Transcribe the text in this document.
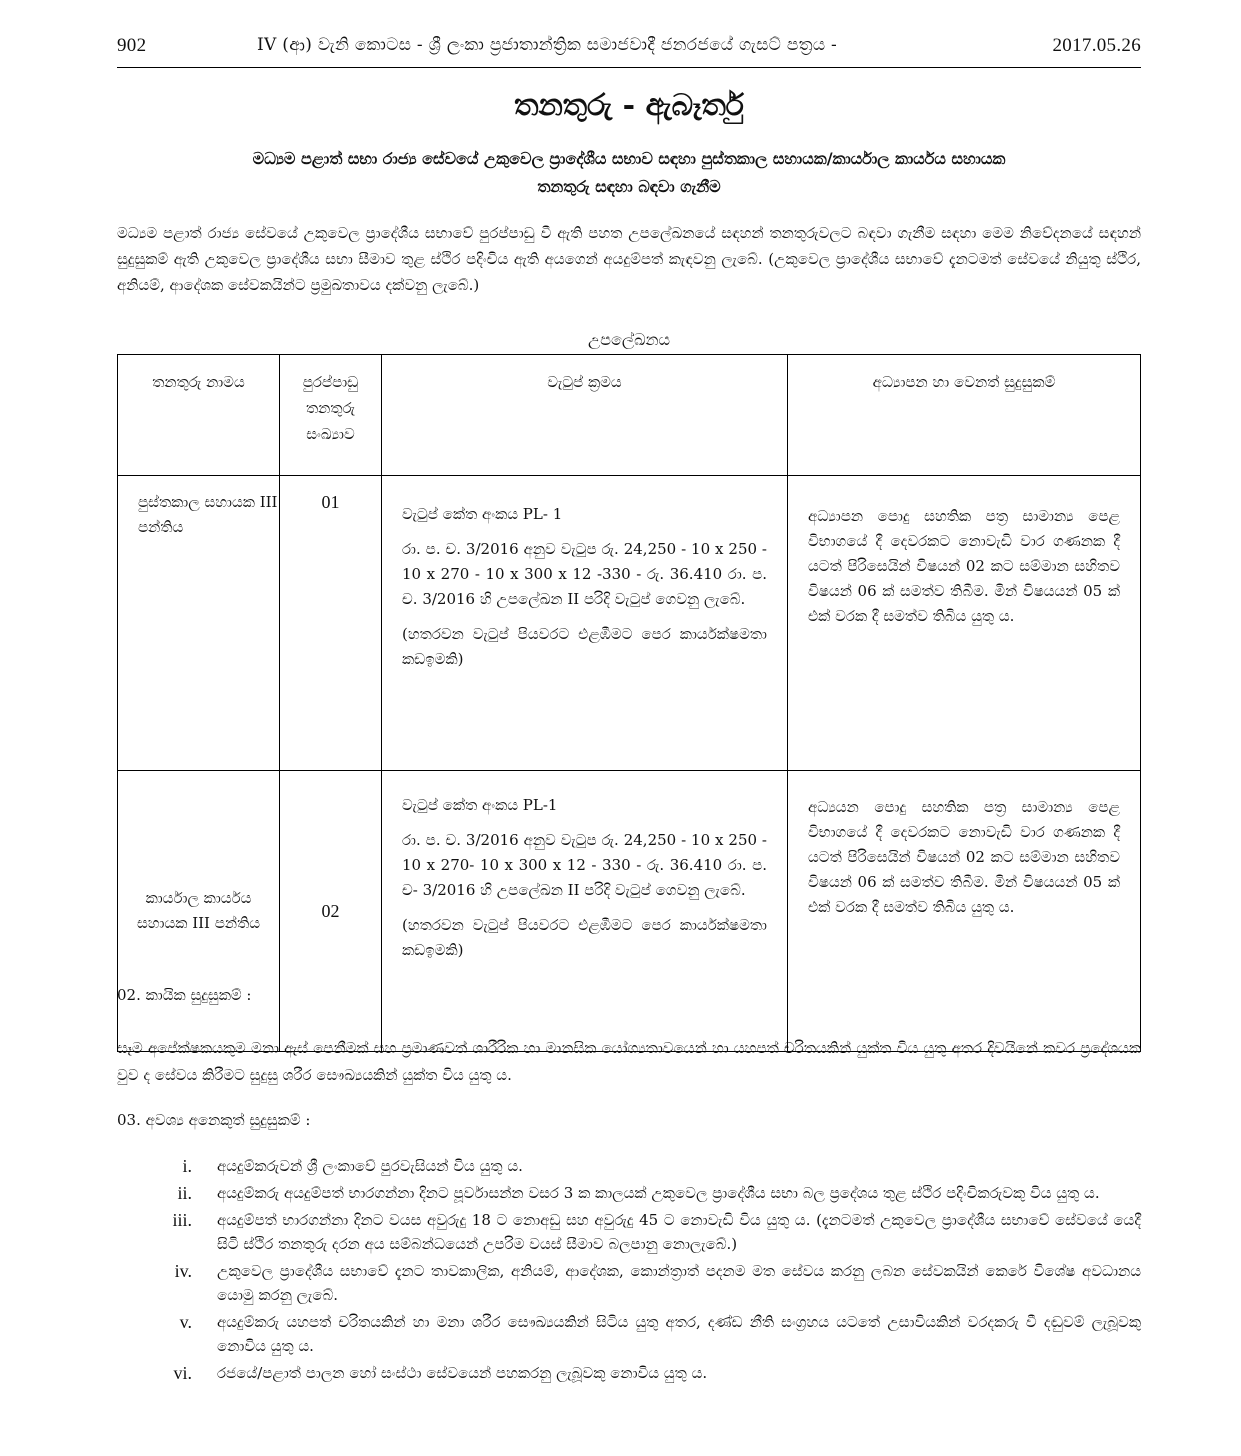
902	IV (ආ) වැනි කොටස - ශ්‍රී ලංකා ප්‍රජාතාන්ත්‍රික සමාජවාදී ජනරජයේ ගැසට් පත්‍රය -	2017.05.26
තනතුරු - ඇබෑර්තු
මධ්‍යම පළාත් සභා රාජ්‍ය සේවයේ උකුවෙල ප්‍රාදේශීය සභාව සඳහා පුස්තකාල සහායක/කාර්යාල කාර්යය සහායක
තනතුරු සඳහා බඳවා ගැනීම
මධ්‍යම පළාත් රාජ්‍ය සේවයේ උකුවෙල ප්‍රාදේශීය සභාවේ පුරප්පාඩු වී ඇති පහත උපලේඛනයේ සඳහන් තනතුරුවලට බඳවා ගැනීම සඳහා මෙම නිවේදනයේ සඳහන් සුදුසුකම් ඇති උකුවෙල ප්‍රාදේශීය සභා සීමාව තුළ ස්ථිර පදිංචිය ඇති අයගෙන් අයදුම්පත් කැඳවනු ලැබේ. (උකුවෙල ප්‍රාදේශීය සභාවේ දැනටමත් සේවයේ නියුතු ස්ථිර, අනියම්, ආදේශක සේවකයින්ට ප්‍රමුඛතාවය දක්වනු ලැබේ.)
උපලේඛනය
තනතුරු නාමය	පුරප්පාඩු තනතුරු සංඛ්‍යාව	වැටුප් ක්‍රමය	අධ්‍යාපන හා වෙනත් සුදුසුකම්
පුස්තකාල සහායක III පන්තිය	01	වැටුප් කේත අංකය PL- 1

රා. ප. ච. 3/2016 අනුව වැටුප රු. 24,250 - 10 x 250 - 10 x 270 - 10 x 300 x 12 -330 - රු. 36.410 රා. ප. ච. 3/2016 හි උපලේඛන II පරිදි වැටුප් ගෙවනු ලැබේ.

(හතරවන වැටුප් පියවරට එළඹීමට පෙර කාර්යක්ෂමතා කඩඉමකි)	අධ්‍යාපන පොදු සහතික පත්‍ර සාමාන්‍ය පෙළ විභාගයේ දී දෙවරකට නොවැඩි වාර ගණනක දී යටත් පිරිසෙයින් විෂයන් 02 කට සම්මාන සහිතව විෂයන් 06 ක් සමත්ව තිබීම. මින් විෂයයන් 05 ක් එක් වරක දී සමත්ව තිබිය යුතු ය.
කාර්යාල කාර්යය සහායක III පන්තිය	02	වැටුප් කේත අංකය PL-1

රා. ප. ච. 3/2016 අනුව වැටුප රු. 24,250 - 10 x 250 - 10 x 270- 10 x 300 x 12 - 330 - රු. 36.410 රා. ප. ච- 3/2016 හි උපලේඛන II පරිදි වැටුප් ගෙවනු ලැබේ.

(හතරවන වැටුප් පියවරට එළඹීමට පෙර කාර්යක්ෂමතා කඩඉමකි)	අධ්‍යයන පොදු සහතික පත්‍ර සාමාන්‍ය පෙළ විභාගයේ දී දෙවරකට නොවැඩි වාර ගණනක දී යටත් පිරිසෙයින් විෂයන් 02 කට සම්මාන සහිතව විෂයන් 06 ක් සමත්ව තිබීම. මින් විෂයයන් 05 ක් එක් වරක දී සමත්ව තිබිය යුතු ය.
02. කායික සුදුසුකම් :
සෑම අපේක්ෂකයකුම මනා ඇස් පෙනීමක් සහ ප්‍රමාණවත් ශාරීරික හා මානසික යෝග්‍යතාවයෙන් හා යහපත් චරිතයකින් යුක්ත විය යුතු අතර දිවයිනේ කවර ප්‍රදේශයක වුව ද සේවය කිරීමට සුදුසු ශරීර සෞඛ්‍යයකින් යුක්ත විය යුතු ය.
03. අවශ්‍ය අනෙකුත් සුදුසුකම් :
i. අයදුම්කරුවන් ශ්‍රී ලංකාවේ පුරවැසියන් විය යුතු ය.
ii. අයදුම්කරු අයදුම්පත් භාරගන්නා දිනට පූර්වාසන්න වසර 3 ක කාලයක් උකුවෙල ප්‍රාදේශීය සභා බල ප්‍රදේශය තුළ ස්ථිර පදිංචිකරුවකු විය යුතු ය.
iii. අයදුම්පත් භාරගන්නා දිනට වයස අවුරුදු 18 ට නොඅඩු සහ අවුරුදු 45 ට නොවැඩි විය යුතු ය. (දැනටමත් උකුවෙල ප්‍රාදේශීය සභාවේ සේවයේ යෙදී සිටි ස්ථිර තනතුරු දරන අය සම්බන්ධයෙන් උපරිම වයස් සීමාව බලපානු නොලැබේ.)
iv. උකුවෙල ප්‍රාදේශීය සභාවේ දැනට තාවකාලික, අනියම්, ආදේශක, කොන්ත්‍රාත් පදනම මත සේවය කරනු ලබන සේවකයින් කෙරේ විශේෂ අවධානය යොමු කරනු ලැබේ.
v. අයදුම්කරු යහපත් චරිතයකින් හා මනා ශරීර සෞඛ්‍යයකින් සිටිය යුතු අතර, දණ්ඩ නීති සංග්‍රහය යටතේ උසාවියකින් වරදකරු වී දඬුවම් ලැබූවකු නොවිය යුතු ය.
vi. රජයේ/පළාත් පාලන හෝ සංස්ථා සේවයෙන් පහකරනු ලැබූවකු නොවිය යුතු ය.
